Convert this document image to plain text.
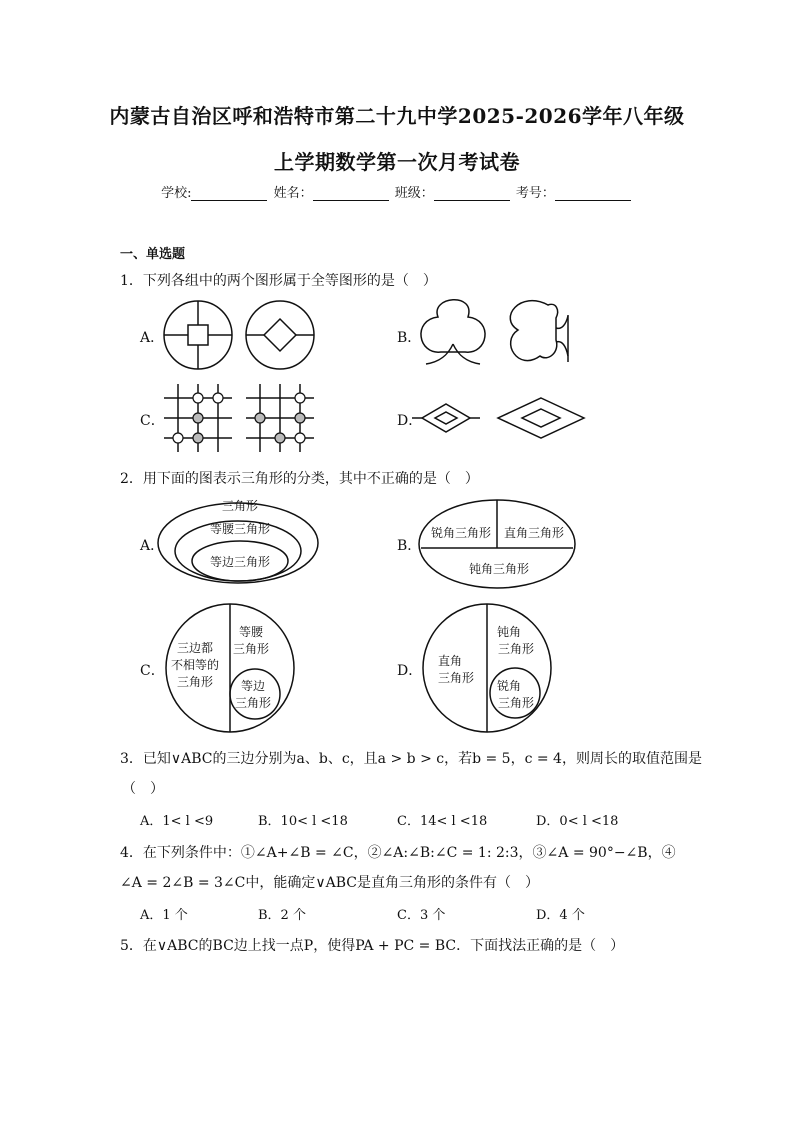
内蒙古自治区呼和浩特市第二十九中学2025-2026学年八年级
上学期数学第一次月考试卷
学校:	姓名：	班级：	考号：
一、单选题
1．下列各组中的两个图形属于全等图形的是（　）
A．	B．
C．	D．
三角形
等腰三角形
等边三角形
锐角三角形 直角三角形
钝角三角形
三边都
不相等的
三角形
等腰
三角形
等边
三角形
直角
三角形
钝角
三角形
锐角
三角形
2．用下面的图表示三角形的分类，其中不正确的是（　）
A．	B．
C．	D．
3．已知∨ABC的三边分别为a、b、c，且a > b > c，若b = 5，c = 4，则周长的取值范围是
（　）
A．1< l <9	B．10< l <18	C．14< l <18	D．0< l <18
4．在下列条件中：①∠A+∠B = ∠C，②∠A:∠B:∠C = 1: 2:3，③∠A = 90°−∠B，④
∠A = 2∠B = 3∠C中，能确定∨ABC是直角三角形的条件有（　）
A．1 个	B．2 个	C．3 个	D．4 个
5．在∨ABC的BC边上找一点P，使得PA + PC = BC．下面找法正确的是（　）
